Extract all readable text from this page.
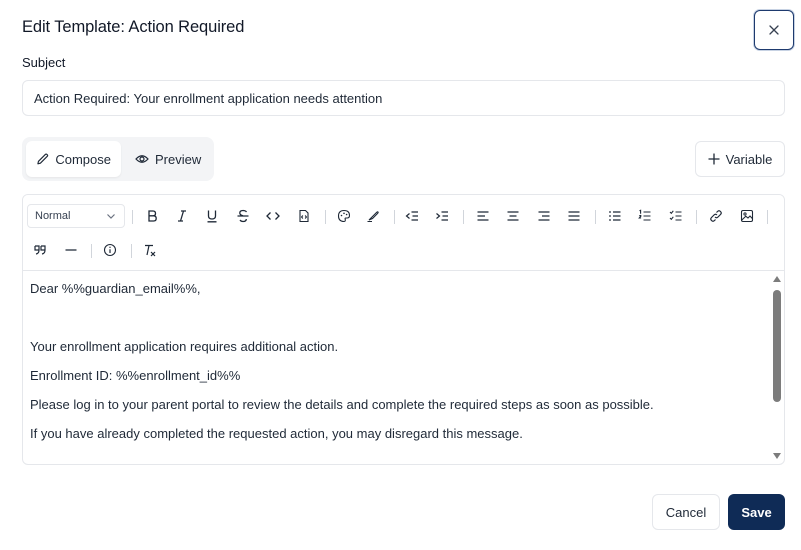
Edit Template: Action Required
Subject
Action Required: Your enrollment application needs attention
Compose	Preview	Variable
Normal

Dear %%guardian_email%%,

Your enrollment application requires additional action.

Enrollment ID: %%enrollment_id%%

Please log in to your parent portal to review the details and complete the required steps as soon as possible.

If you have already completed the requested action, you may disregard this message.

Cancel	Save
